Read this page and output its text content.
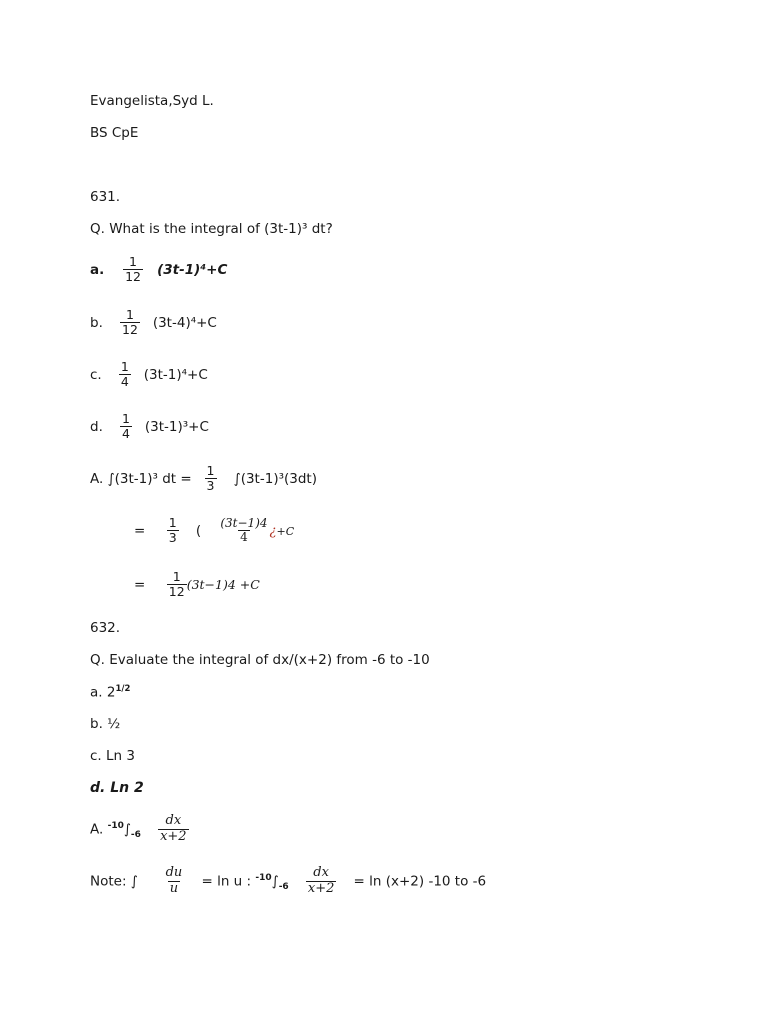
Evangelista,Syd L.
BS CpE
631.
Q. What is the integral of (3t-1)³ dt?
a. $\frac{1}{12} (3t-1)^4+C$
b. $\frac{1}{12} (3t-4)^4+C$
c. $\frac{1}{4} (3t-1)^4+C$
d. $\frac{1}{4} (3t-1)^3+C$
A. ∫(3t-1)³ dt = $\frac{1}{3} \int(3t-1)^3(3dt)$
= $\frac{1}{3}$ ( $\frac{(3t-1)4}{4}$ ¿+C
= $\frac{1}{12} (3t-1)4 +C$
632.
Q. Evaluate the integral of dx/(x+2) from -6 to -10
a. $2^{1/2}$
b. ½
c. Ln 3
d. Ln 2
A. $^{-10}\int_{-6} \frac{dx}{x+2}$
Note: ∫ $\frac{du}{u} = \ln u$ : $^{-10}\int_{-6} \frac{dx}{x+2} = \ln (x+2)$ -10 to -6
